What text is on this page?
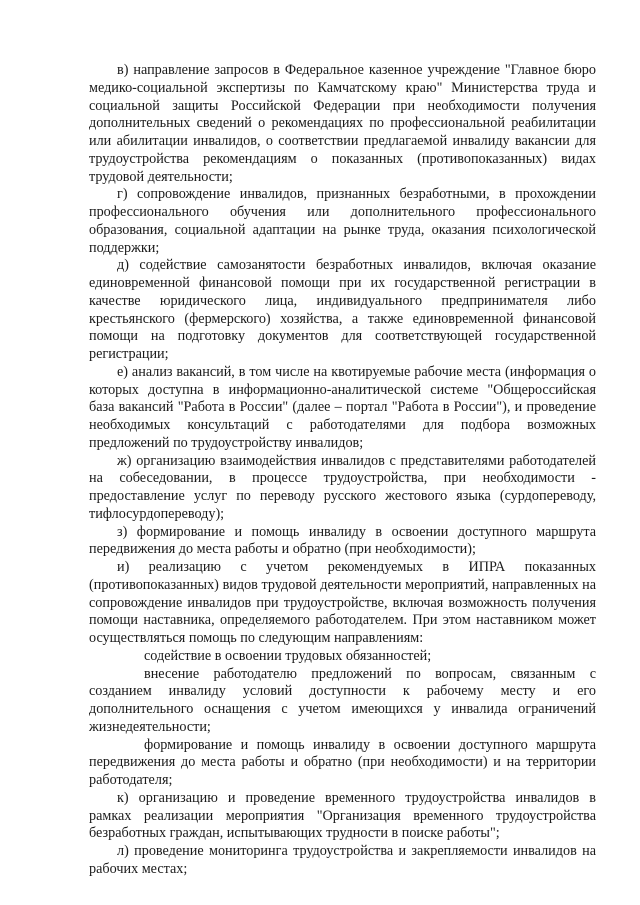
в) направление запросов в Федеральное казенное учреждение "Главное бюро медико-социальной экспертизы по Камчатскому краю" Министерства труда и социальной защиты Российской Федерации при необходимости получения дополнительных сведений о рекомендациях по профессиональной реабилитации или абилитации инвалидов, о соответствии предлагаемой инвалиду вакансии для трудоустройства рекомендациям о показанных (противопоказанных) видах трудовой деятельности;

г) сопровождение инвалидов, признанных безработными, в прохождении профессионального обучения или дополнительного профессионального образования, социальной адаптации на рынке труда, оказания психологической поддержки;

д) содействие самозанятости безработных инвалидов, включая оказание единовременной финансовой помощи при их государственной регистрации в качестве юридического лица, индивидуального предпринимателя либо крестьянского (фермерского) хозяйства, а также единовременной финансовой помощи на подготовку документов для соответствующей государственной регистрации;

е) анализ вакансий, в том числе на квотируемые рабочие места (информация о которых доступна в информационно-аналитической системе "Общероссийская база вакансий "Работа в России" (далее – портал "Работа в России"), и проведение необходимых консультаций с работодателями для подбора возможных предложений по трудоустройству инвалидов;

ж) организацию взаимодействия инвалидов с представителями работодателей на собеседовании, в процессе трудоустройства, при необходимости - предоставление услуг по переводу русского жестового языка (сурдопереводу, тифлосурдопереводу);

з) формирование и помощь инвалиду в освоении доступного маршрута передвижения до места работы и обратно (при необходимости);

и) реализацию с учетом рекомендуемых в ИПРА показанных (противопоказанных) видов трудовой деятельности мероприятий, направленных на сопровождение инвалидов при трудоустройстве, включая возможность получения помощи наставника, определяемого работодателем. При этом наставником может осуществляться помощь по следующим направлениям:

содействие в освоении трудовых обязанностей;

внесение работодателю предложений по вопросам, связанным с созданием инвалиду условий доступности к рабочему месту и его дополнительного оснащения с учетом имеющихся у инвалида ограничений жизнедеятельности;

формирование и помощь инвалиду в освоении доступного маршрута передвижения до места работы и обратно (при необходимости) и на территории работодателя;

к) организацию и проведение временного трудоустройства инвалидов в рамках реализации мероприятия "Организация временного трудоустройства безработных граждан, испытывающих трудности в поиске работы";

л) проведение мониторинга трудоустройства и закрепляемости инвалидов на рабочих местах;
